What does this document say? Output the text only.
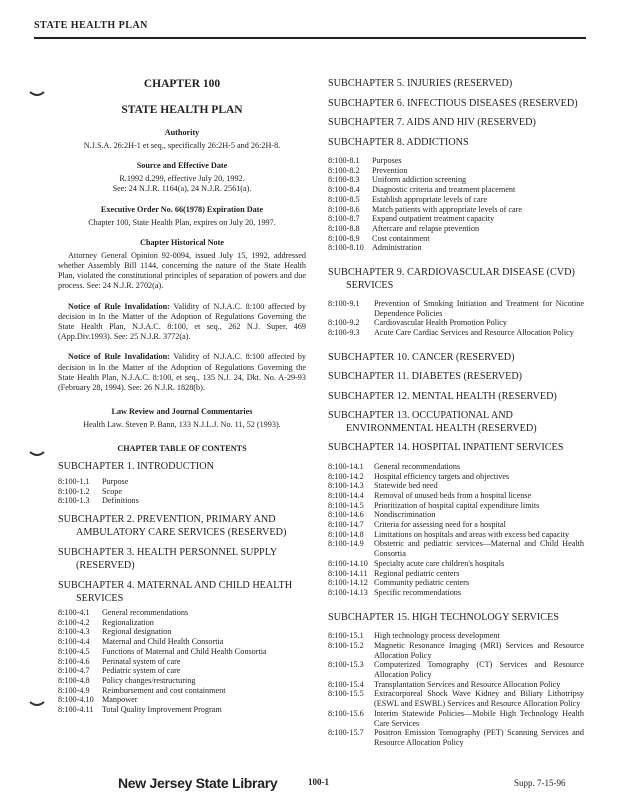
STATE HEALTH PLAN
CHAPTER 100
STATE HEALTH PLAN
Authority
N.J.S.A. 26:2H-1 et seq., specifically 26:2H-5 and 26:2H-8.
Source and Effective Date
R.1992 d.299, effective July 20, 1992.
See: 24 N.J.R. 1164(a), 24 N.J.R. 2561(a).
Executive Order No. 66(1978) Expiration Date
Chapter 100, State Health Plan, expires on July 20, 1997.
Chapter Historical Note
Attorney General Opinion 92-0094, issued July 15, 1992, addressed whether Assembly Bill 1144, concerning the nature of the State Health Plan, violated the constitutional principles of separation of powers and due process. See: 24 N.J.R. 2702(a).
Notice of Rule Invalidation: Validity of N.J.A.C. 8:100 affected by decision in In the Matter of the Adoption of Regulations Governing the State Health Plan, N.J.A.C. 8:100, et seq., 262 N.J. Super. 469 (App.Div.1993). See: 25 N.J.R. 3772(a).
Notice of Rule Invalidation: Validity of N.J.A.C. 8:100 affected by decision in In the Matter of the Adoption of Regulations Governing the State Health Plan, N.J.A.C. 8:100, et seq., 135 N.J. 24, Dkt. No. A-29-93 (February 28, 1994). See: 26 N.J.R. 1828(b).
Law Review and Journal Commentaries
Health Law. Steven P. Bann, 133 N.J.L.J. No. 11, 52 (1993).
CHAPTER TABLE OF CONTENTS
SUBCHAPTER 1. INTRODUCTION
8:100-1.1	Purpose
8:100-1.2	Scope
8:100-1.3	Definitions
SUBCHAPTER 2. PREVENTION, PRIMARY AND
AMBULATORY CARE SERVICES (RESERVED)
SUBCHAPTER 3. HEALTH PERSONNEL SUPPLY
(RESERVED)
SUBCHAPTER 4. MATERNAL AND CHILD HEALTH
SERVICES
8:100-4.1	General recommendations
8:100-4.2	Regionalization
8:100-4.3	Regional designation
8:100-4.4	Maternal and Child Health Consortia
8:100-4.5	Functions of Maternal and Child Health Consortia
8:100-4.6	Perinatal system of care
8:100-4.7	Pediatric system of care
8:100-4.8	Policy changes/restructuring
8:100-4.9	Reimbursement and cost containment
8:100-4.10	Manpower
8:100-4.11	Total Quality Improvement Program
SUBCHAPTER 5. INJURIES (RESERVED)
SUBCHAPTER 6. INFECTIOUS DISEASES (RESERVED)
SUBCHAPTER 7. AIDS AND HIV (RESERVED)
SUBCHAPTER 8. ADDICTIONS
8:100-8.1	Purposes
8:100-8.2	Prevention
8:100-8.3	Uniform addiction screening
8:100-8.4	Diagnostic criteria and treatment placement
8:100-8.5	Establish appropriate levels of care
8:100-8.6	Match patients with appropriate levels of care
8:100-8.7	Expand outpatient treatment capacity
8:100-8.8	Aftercare and relapse prevention
8:100-8.9	Cost containment
8:100-8.10	Administration
SUBCHAPTER 9. CARDIOVASCULAR DISEASE (CVD)
SERVICES
8:100-9.1	Prevention of Smoking Initiation and Treatment for Nicotine Dependence Policies
8:100-9.2	Cardiovascular Health Promotion Policy
8:100-9.3	Acute Care Cardiac Services and Resource Allocation Policy
SUBCHAPTER 10. CANCER (RESERVED)
SUBCHAPTER 11. DIABETES (RESERVED)
SUBCHAPTER 12. MENTAL HEALTH (RESERVED)
SUBCHAPTER 13. OCCUPATIONAL AND
ENVIRONMENTAL HEALTH (RESERVED)
SUBCHAPTER 14. HOSPITAL INPATIENT SERVICES
8:100-14.1	General recommendations
8:100-14.2	Hospital efficiency targets and objectives
8:100-14.3	Statewide bed need
8:100-14.4	Removal of unused beds from a hospital license
8:100-14.5	Prioritization of hospital capital expenditure limits
8:100-14.6	Nondiscrimination
8:100-14.7	Criteria for assessing need for a hospital
8:100-14.8	Limitations on hospitals and areas with excess bed capacity
8:100-14.9	Obstetric and pediatric services—Maternal and Child Health Consortia
8:100-14.10 Specialty acute care children's hospitals
8:100-14.11 Regional pediatric centers
8:100-14.12 Community pediatric centers
8:100-14.13 Specific recommendations
SUBCHAPTER 15. HIGH TECHNOLOGY SERVICES
8:100-15.1	High technology process development
8:100-15.2	Magnetic Resonance Imaging (MRI) Services and Resource Allocation Policy
8:100-15.3	Computerized Tomography (CT) Services and Resource Allocation Policy
8:100-15.4	Transplantation Services and Resource Allocation Policy
8:100-15.5	Extracorporeal Shock Wave Kidney and Biliary Lithotripsy (ESWL and ESWBL) Services and Resource Allocation Policy
8:100-15.6	Interim Statewide Policies—Mobile High Technology Health Care Services
8:100-15.7	Positron Emission Tomography (PET) Scanning Services and Resource Allocation Policy
New Jersey State Library	100-1	Supp. 7-15-96
